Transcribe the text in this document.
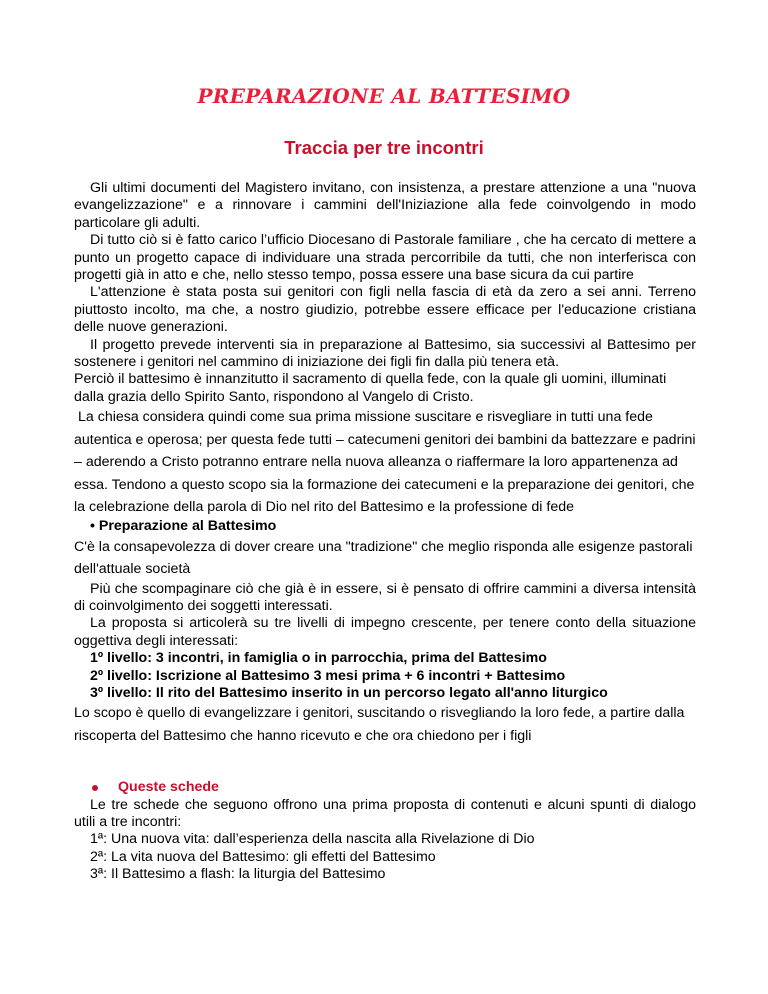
PREPARAZIONE AL BATTESIMO
Traccia per tre incontri

Gli ultimi documenti del Magistero invitano, con insistenza, a prestare attenzione a una "nuova evangelizzazione" e a rinnovare i cammini dell'Iniziazione alla fede coinvolgendo in modo particolare gli adulti.

Di tutto ciò si è fatto carico l’ufficio Diocesano di Pastorale familiare , che ha cercato di mettere a punto un progetto capace di individuare una strada percorribile da tutti, che non interferisca con progetti già in atto e che, nello stesso tempo, possa essere una base sicura da cui partire

L'attenzione è stata posta sui genitori con figli nella fascia di età da zero a sei anni. Terreno piuttosto incolto, ma che, a nostro giudizio, potrebbe essere efficace per l'educazione cristiana delle nuove generazioni.

Il progetto prevede interventi sia in preparazione al Battesimo, sia successivi al Battesimo per sostenere i genitori nel cammino di iniziazione dei figli fin dalla più tenera età.

Perciò il battesimo è innanzitutto il sacramento di quella fede, con la quale gli uomini, illuminati dalla grazia dello Spirito Santo, rispondono al Vangelo di Cristo.

La chiesa considera quindi come sua prima missione suscitare e risvegliare in tutti una fede autentica e operosa; per questa fede tutti – catecumeni genitori dei bambini da battezzare e padrini – aderendo a Cristo potranno entrare nella nuova alleanza o riaffermare la loro appartenenza ad essa. Tendono a questo scopo sia la formazione dei catecumeni e la preparazione dei genitori, che la celebrazione della parola di Dio nel rito del Battesimo e la professione di fede

• Preparazione al Battesimo

C'è la consapevolezza di dover creare una "tradizione" che meglio risponda alle esigenze pastorali dell'attuale società

Più che scompaginare ciò che già è in essere, si è pensato di offrire cammini a diversa intensità di coinvolgimento dei soggetti interessati.

La proposta si articolerà su tre livelli di impegno crescente, per tenere conto della situazione oggettiva degli interessati:

1º livello: 3 incontri, in famiglia o in parrocchia, prima del Battesimo

2º livello: Iscrizione al Battesimo 3 mesi prima + 6 incontri + Battesimo

3º livello: Il rito del Battesimo inserito in un percorso legato all'anno liturgico

Lo scopo è quello di evangelizzare i genitori, suscitando o risvegliando la loro fede, a partire dalla riscoperta del Battesimo che hanno ricevuto e che ora chiedono per i figli

Queste schede

Le tre schede che seguono offrono una prima proposta di contenuti e alcuni spunti di dialogo utili a tre incontri:

1ª: Una nuova vita: dall’esperienza della nascita alla Rivelazione di Dio

2ª: La vita nuova del Battesimo: gli effetti del Battesimo

3ª: Il Battesimo a flash: la liturgia del Battesimo
